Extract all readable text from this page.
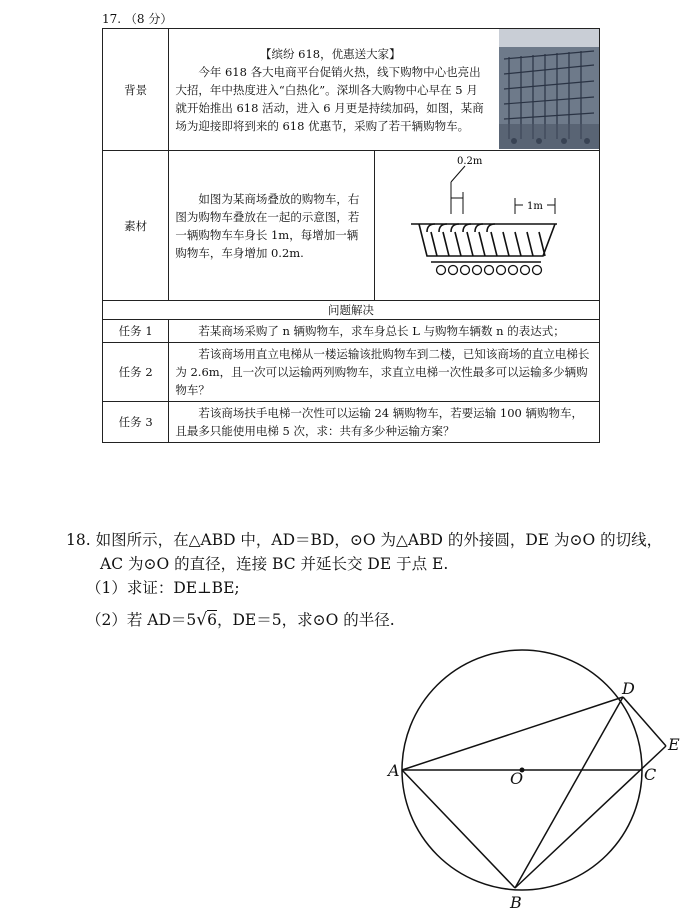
17. （8 分）
背景	【缤纷 618，优惠送大家】
今年 618 各大电商平台促销火热，线下购物中心也亮出大招，年中热度进入“白热化”。深圳各大购物中心早在 5 月就开始推出 618 活动，进入 6 月更是持续加码，如图，某商场为迎接即将到来的 618 优惠节，采购了若干辆购物车。	

素材	如图为某商场叠放的购物车，右图为购物车叠放在一起的示意图，若一辆购物车车身长 1m，每增加一辆购物车，车身增加 0.2m.	0.2m
1m

问题解决		
任务 1	若某商场采购了 n 辆购物车，求车身总长 L 与购物车辆数 n 的表达式；	

任务 2	若该商场用直立电梯从一楼运输该批购物车到二楼，已知该商场的直立电梯长为 2.6m，且一次可以运输两列购物车，求直立电梯一次性最多可以运输多少辆购物车？	

任务 3	若该商场扶手电梯一次性可以运输 24 辆购物车，若要运输 100 辆购物车，且最多只能使用电梯 5 次，求：共有多少种运输方案？	
18. 如图所示，在△ABD 中，AD＝BD，⊙O 为△ABD 的外接圆，DE 为⊙O 的切线，
AC 为⊙O 的直径，连接 BC 并延长交 DE 于点 E.
（1）求证：DE⊥BE;
（2）若 AD＝5√6，DE＝5，求⊙O 的半径.
A	O	C
D
E
B
